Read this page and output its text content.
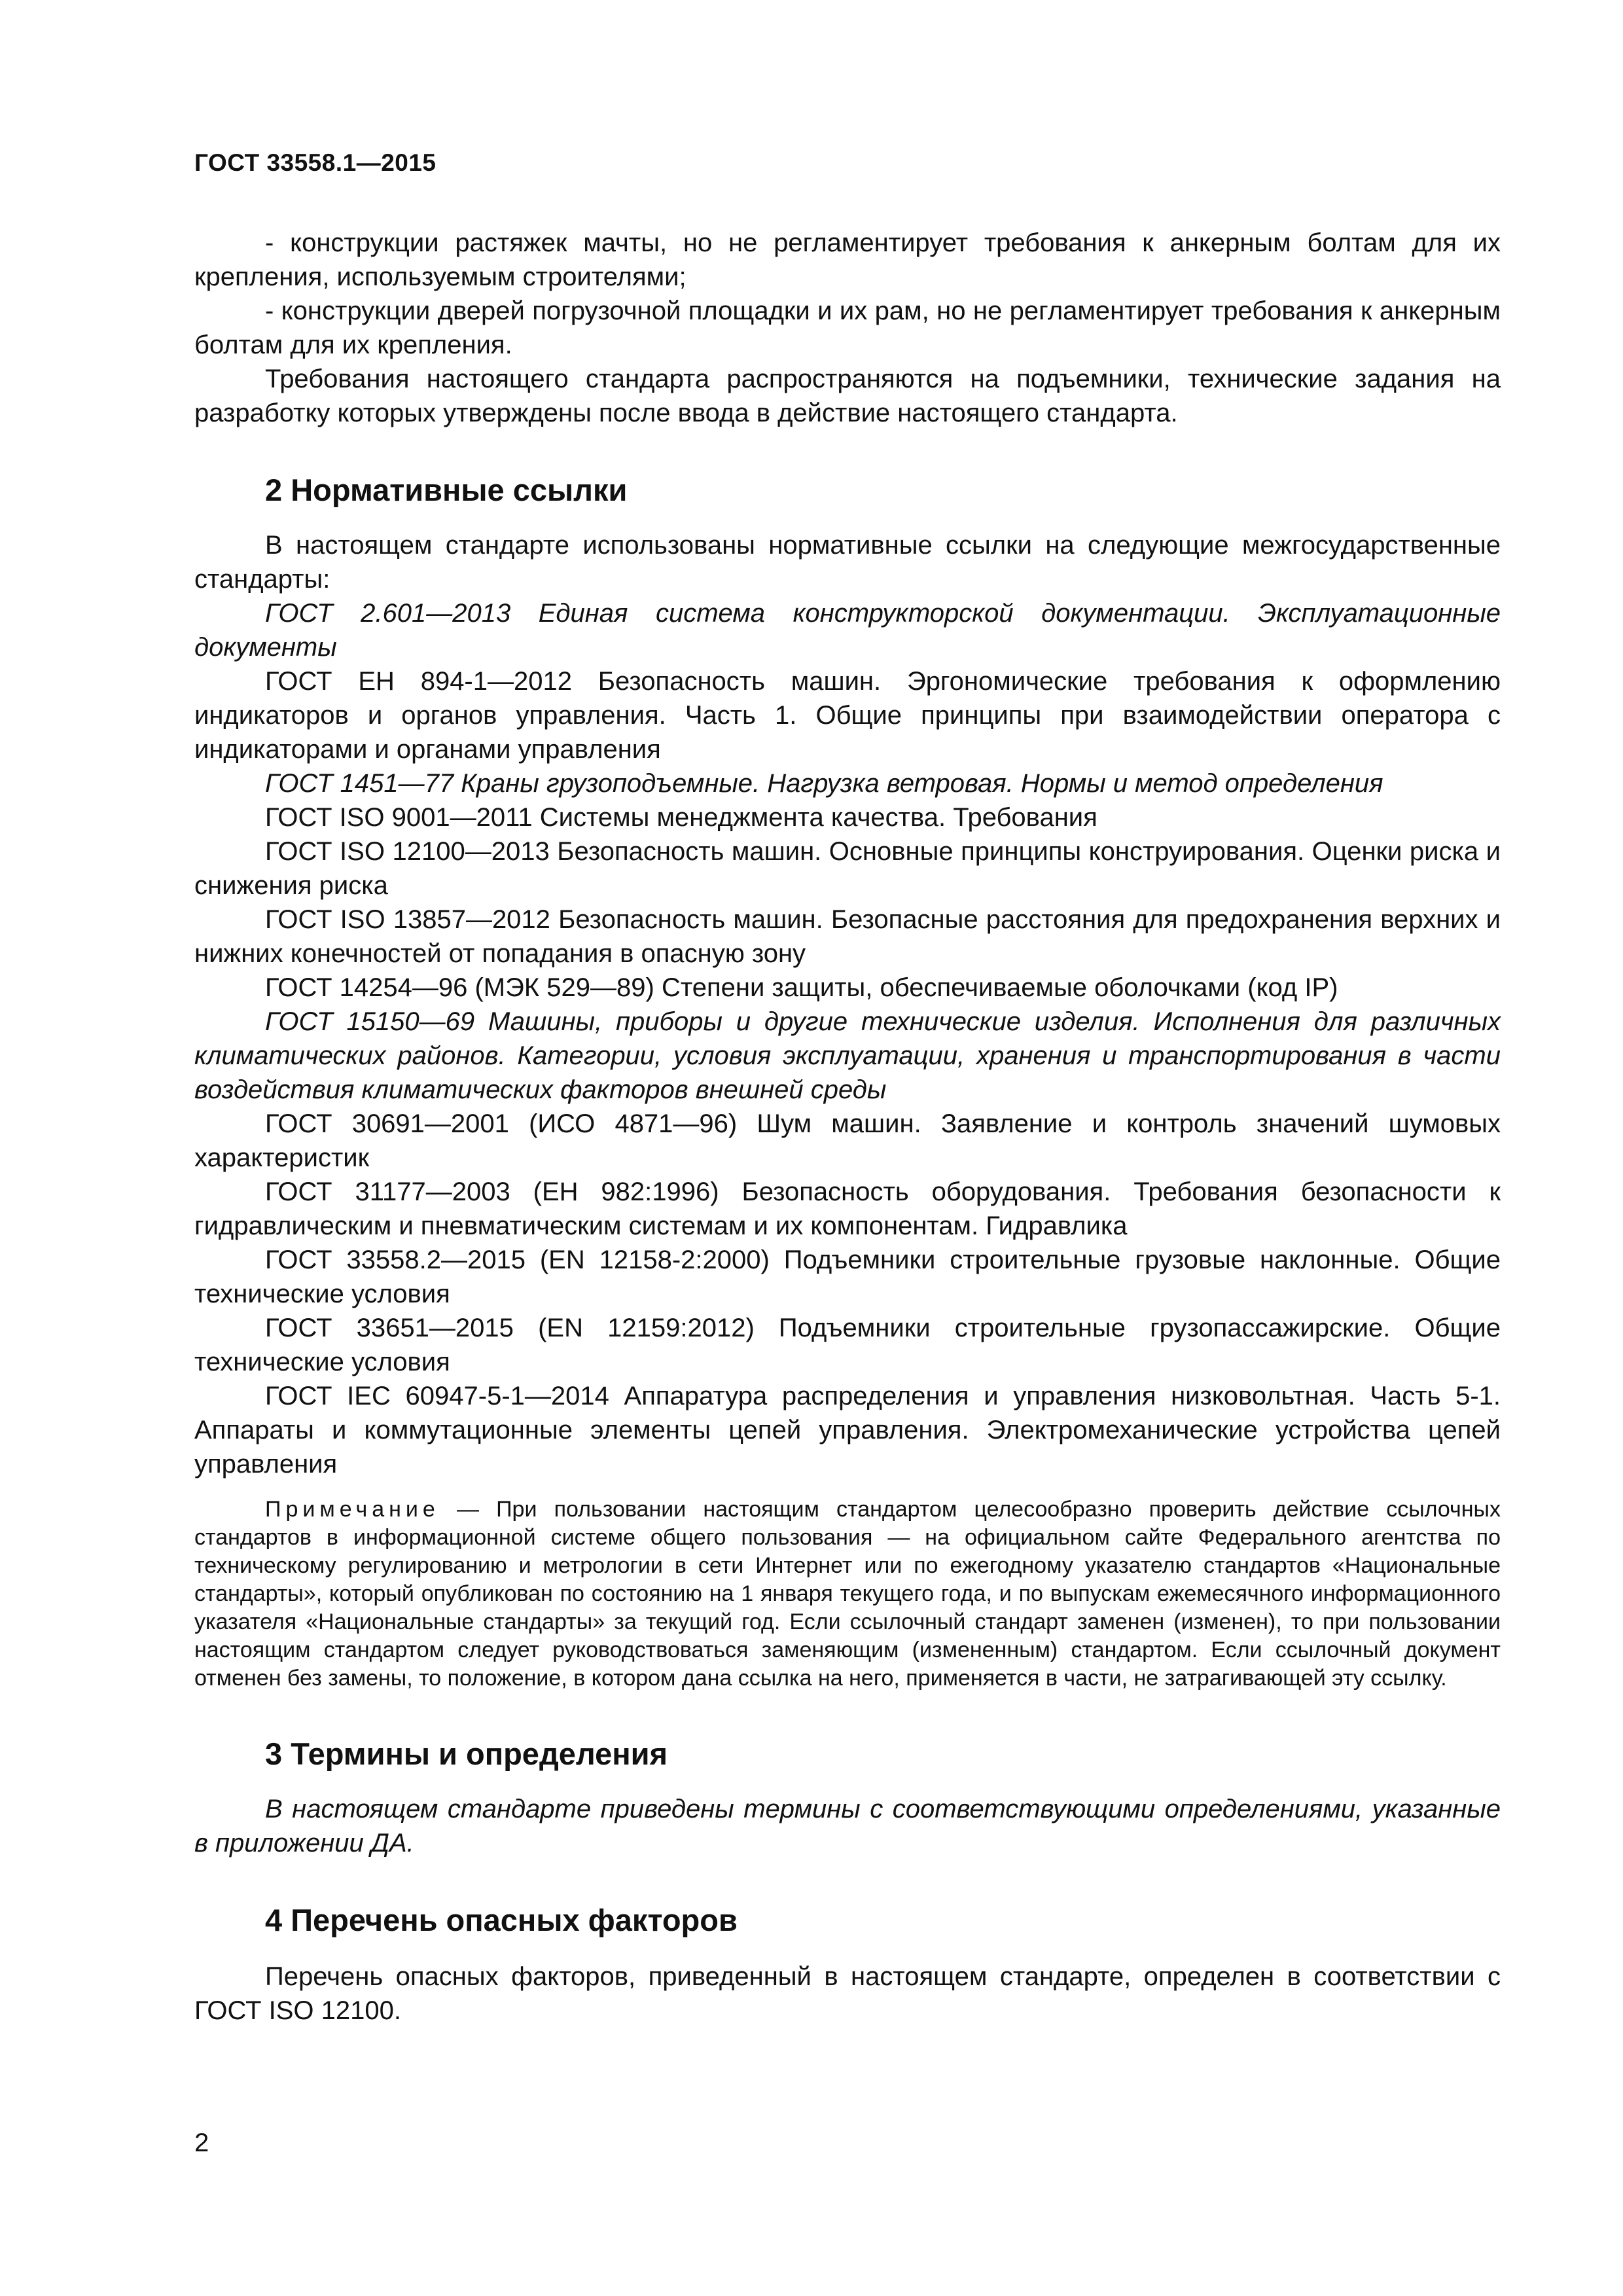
ГОСТ 33558.1—2015

- конструкции растяжек мачты, но не регламентирует требования к анкерным болтам для их крепления, используемым строителями;

- конструкции дверей погрузочной площадки и их рам, но не регламентирует требования к анкерным болтам для их крепления.

Требования настоящего стандарта распространяются на подъемники, технические задания на разработку которых утверждены после ввода в действие настоящего стандарта.

2 Нормативные ссылки

В настоящем стандарте использованы нормативные ссылки на следующие межгосударственные стандарты:

ГОСТ 2.601—2013 Единая система конструкторской документации. Эксплуатационные документы

ГОСТ ЕН 894-1—2012 Безопасность машин. Эргономические требования к оформлению индикаторов и органов управления. Часть 1. Общие принципы при взаимодействии оператора с индикаторами и органами управления

ГОСТ 1451—77 Краны грузоподъемные. Нагрузка ветровая. Нормы и метод определения

ГОСТ ISO 9001—2011 Системы менеджмента качества. Требования

ГОСТ ISO 12100—2013 Безопасность машин. Основные принципы конструирования. Оценки риска и снижения риска

ГОСТ ISO 13857—2012 Безопасность машин. Безопасные расстояния для предохранения верхних и нижних конечностей от попадания в опасную зону

ГОСТ 14254—96 (МЭК 529—89) Степени защиты, обеспечиваемые оболочками (код IP)

ГОСТ 15150—69 Машины, приборы и другие технические изделия. Исполнения для различных климатических районов. Категории, условия эксплуатации, хранения и транспортирования в части воздействия климатических факторов внешней среды

ГОСТ 30691—2001 (ИСО 4871—96) Шум машин. Заявление и контроль значений шумовых характеристик

ГОСТ 31177—2003 (ЕН 982:1996) Безопасность оборудования. Требования безопасности к гидравлическим и пневматическим системам и их компонентам. Гидравлика

ГОСТ 33558.2—2015 (EN 12158-2:2000) Подъемники строительные грузовые наклонные. Общие технические условия

ГОСТ 33651—2015 (EN 12159:2012) Подъемники строительные грузопассажирские. Общие технические условия

ГОСТ IEC 60947-5-1—2014 Аппаратура распределения и управления низковольтная. Часть 5-1. Аппараты и коммутационные элементы цепей управления. Электромеханические устройства цепей управления

Примечание — При пользовании настоящим стандартом целесообразно проверить действие ссылочных стандартов в информационной системе общего пользования — на официальном сайте Федерального агентства по техническому регулированию и метрологии в сети Интернет или по ежегодному указателю стандартов «Национальные стандарты», который опубликован по состоянию на 1 января текущего года, и по выпускам ежемесячного информационного указателя «Национальные стандарты» за текущий год. Если ссылочный стандарт заменен (изменен), то при пользовании настоящим стандартом следует руководствоваться заменяющим (измененным) стандартом. Если ссылочный документ отменен без замены, то положение, в котором дана ссылка на него, применяется в части, не затрагивающей эту ссылку.

3 Термины и определения

В настоящем стандарте приведены термины с соответствующими определениями, указанные в приложении ДА.

4 Перечень опасных факторов

Перечень опасных факторов, приведенный в настоящем стандарте, определен в соответствии с ГОСТ ISO 12100.

2
